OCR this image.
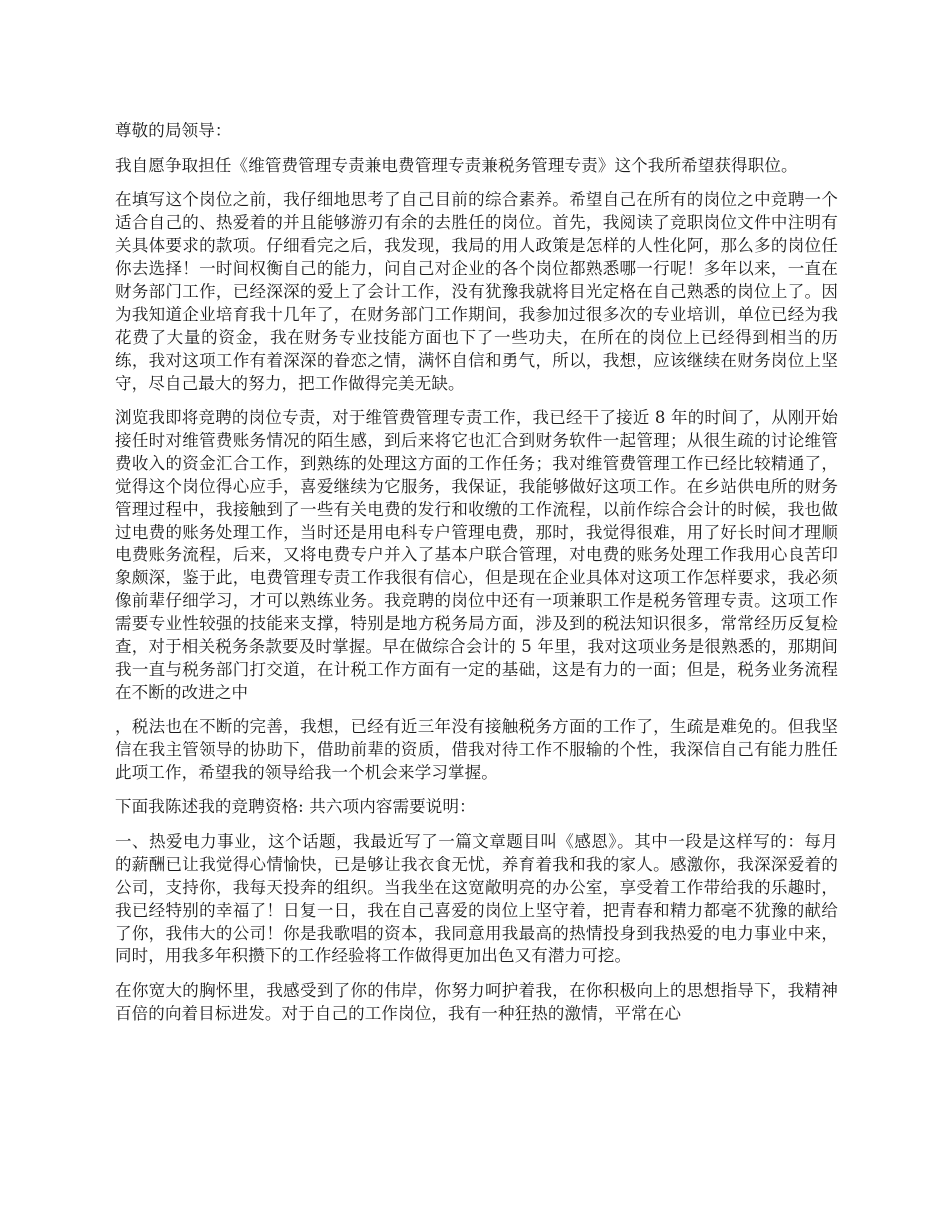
尊敬的局领导：

我自愿争取担任《维管费管理专责兼电费管理专责兼税务管理专责》这个我所希望获得职位。

在填写这个岗位之前，我仔细地思考了自己目前的综合素养。希望自己在所有的岗位之中竞聘一个适合自己的、热爱着的并且能够游刃有余的去胜任的岗位。首先，我阅读了竞职岗位文件中注明有关具体要求的款项。仔细看完之后，我发现，我局的用人政策是怎样的人性化阿，那么多的岗位任你去选择！一时间权衡自己的能力，问自己对企业的各个岗位都熟悉哪一行呢！多年以来，一直在财务部门工作，已经深深的爱上了会计工作，没有犹豫我就将目光定格在自己熟悉的岗位上了。因为我知道企业培育我十几年了，在财务部门工作期间，我参加过很多次的专业培训，单位已经为我花费了大量的资金，我在财务专业技能方面也下了一些功夫，在所在的岗位上已经得到相当的历练，我对这项工作有着深深的眷恋之情，满怀自信和勇气，所以，我想，应该继续在财务岗位上坚守，尽自己最大的努力，把工作做得完美无缺。

浏览我即将竞聘的岗位专责，对于维管费管理专责工作，我已经干了接近 8 年的时间了，从刚开始接任时对维管费账务情况的陌生感，到后来将它也汇合到财务软件一起管理；从很生疏的讨论维管费收入的资金汇合工作，到熟练的处理这方面的工作任务；我对维管费管理工作已经比较精通了，觉得这个岗位得心应手，喜爱继续为它服务，我保证，我能够做好这项工作。在乡站供电所的财务管理过程中，我接触到了一些有关电费的发行和收缴的工作流程，以前作综合会计的时候，我也做过电费的账务处理工作，当时还是用电科专户管理电费，那时，我觉得很难，用了好长时间才理顺电费账务流程，后来，又将电费专户并入了基本户联合管理，对电费的账务处理工作我用心良苦印象颇深，鉴于此，电费管理专责工作我很有信心，但是现在企业具体对这项工作怎样要求，我必须像前辈仔细学习，才可以熟练业务。我竞聘的岗位中还有一项兼职工作是税务管理专责。这项工作需要专业性较强的技能来支撑，特别是地方税务局方面，涉及到的税法知识很多，常常经历反复检查，对于相关税务条款要及时掌握。早在做综合会计的 5 年里，我对这项业务是很熟悉的，那期间我一直与税务部门打交道，在计税工作方面有一定的基础，这是有力的一面；但是，税务业务流程在不断的改进之中

，税法也在不断的完善，我想，已经有近三年没有接触税务方面的工作了，生疏是难免的。但我坚信在我主管领导的协助下，借助前辈的资质，借我对待工作不服输的个性，我深信自己有能力胜任此项工作，希望我的领导给我一个机会来学习掌握。

下面我陈述我的竞聘资格: 共六项内容需要说明：

一、热爱电力事业，这个话题，我最近写了一篇文章题目叫《感恩》。其中一段是这样写的：每月的薪酬已让我觉得心情愉快，已是够让我衣食无忧，养育着我和我的家人。感激你，我深深爱着的公司，支持你，我每天投奔的组织。当我坐在这宽敞明亮的办公室，享受着工作带给我的乐趣时，我已经特别的幸福了！日复一日，我在自己喜爱的岗位上坚守着，把青春和精力都毫不犹豫的献给了你，我伟大的公司！你是我歌唱的资本，我同意用我最高的热情投身到我热爱的电力事业中来，同时，用我多年积攒下的工作经验将工作做得更加出色又有潜力可挖。

在你宽大的胸怀里，我感受到了你的伟岸，你努力呵护着我，在你积极向上的思想指导下，我精神百倍的向着目标进发。对于自己的工作岗位，我有一种狂热的激情，平常在心
